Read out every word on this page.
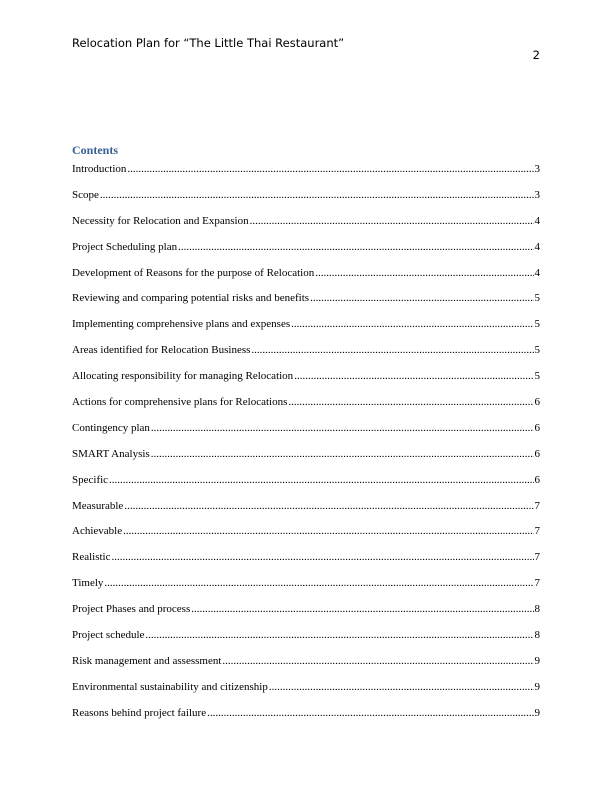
Relocation Plan for “The Little Thai Restaurant”
2
Contents
Introduction .....	3
Scope .....	3
Necessity for Relocation and Expansion .....	4
Project Scheduling plan .....	4
Development of Reasons for the purpose of Relocation .....	4
Reviewing and comparing potential risks and benefits .....	5
Implementing comprehensive plans and expenses .....	5
Areas identified for Relocation Business .....	5
Allocating responsibility for managing Relocation .....	5
Actions for comprehensive plans for Relocations .....	6
Contingency plan .....	6
SMART Analysis .....	6
Specific .....	6
Measurable .....	7
Achievable .....	7
Realistic .....	7
Timely .....	7
Project Phases and process .....	8
Project schedule .....	8
Risk management and assessment .....	9
Environmental sustainability and citizenship .....	9
Reasons behind project failure .....	9
